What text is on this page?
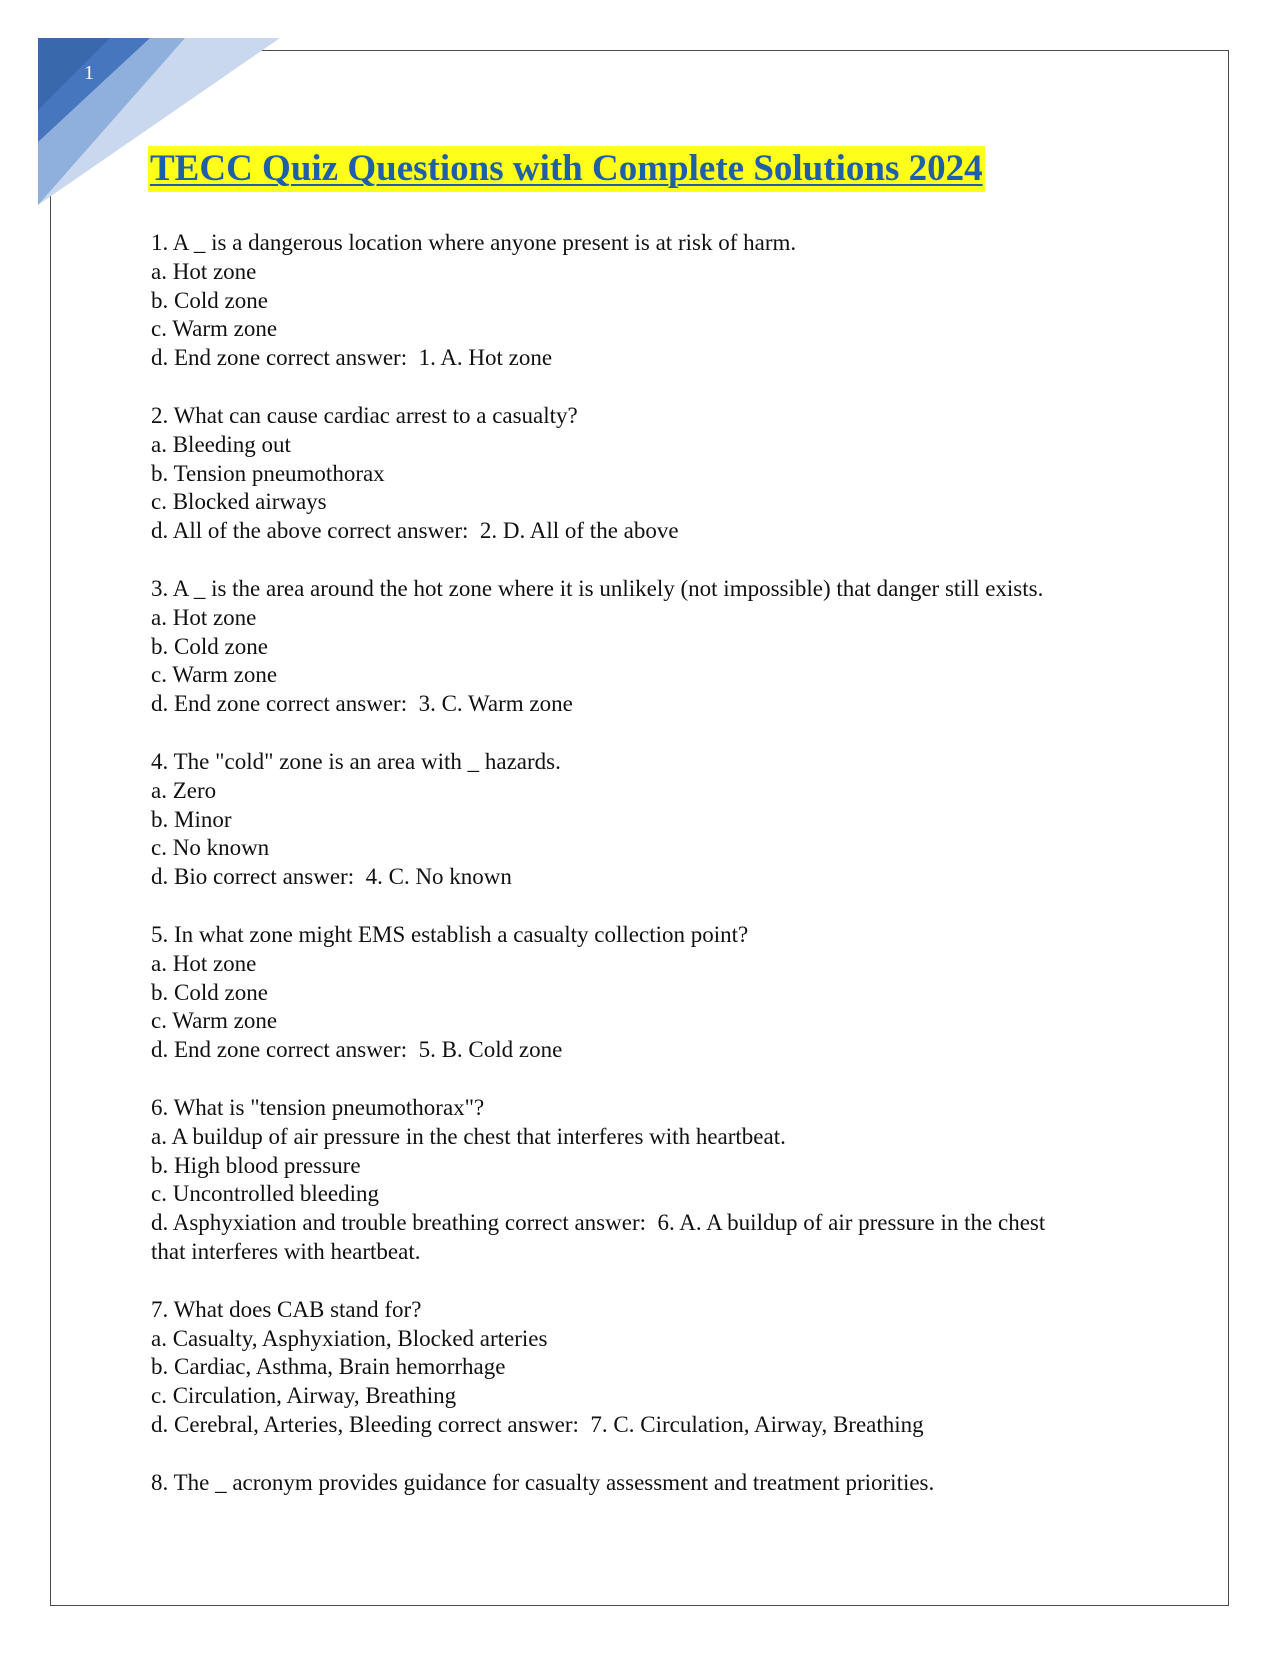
1
TECC Quiz Questions with Complete Solutions 2024
1. A _ is a dangerous location where anyone present is at risk of harm.
a. Hot zone
b. Cold zone
c. Warm zone
d. End zone correct answer: 1. A. Hot zone
2. What can cause cardiac arrest to a casualty?
a. Bleeding out
b. Tension pneumothorax
c. Blocked airways
d. All of the above correct answer: 2. D. All of the above
3. A _ is the area around the hot zone where it is unlikely (not impossible) that danger still exists.
a. Hot zone
b. Cold zone
c. Warm zone
d. End zone correct answer: 3. C. Warm zone
4. The "cold" zone is an area with _ hazards.
a. Zero
b. Minor
c. No known
d. Bio correct answer: 4. C. No known
5. In what zone might EMS establish a casualty collection point?
a. Hot zone
b. Cold zone
c. Warm zone
d. End zone correct answer: 5. B. Cold zone
6. What is "tension pneumothorax"?
a. A buildup of air pressure in the chest that interferes with heartbeat.
b. High blood pressure
c. Uncontrolled bleeding
d. Asphyxiation and trouble breathing correct answer: 6. A. A buildup of air pressure in the chest that interferes with heartbeat.
7. What does CAB stand for?
a. Casualty, Asphyxiation, Blocked arteries
b. Cardiac, Asthma, Brain hemorrhage
c. Circulation, Airway, Breathing
d. Cerebral, Arteries, Bleeding correct answer: 7. C. Circulation, Airway, Breathing
8. The _ acronym provides guidance for casualty assessment and treatment priorities.
